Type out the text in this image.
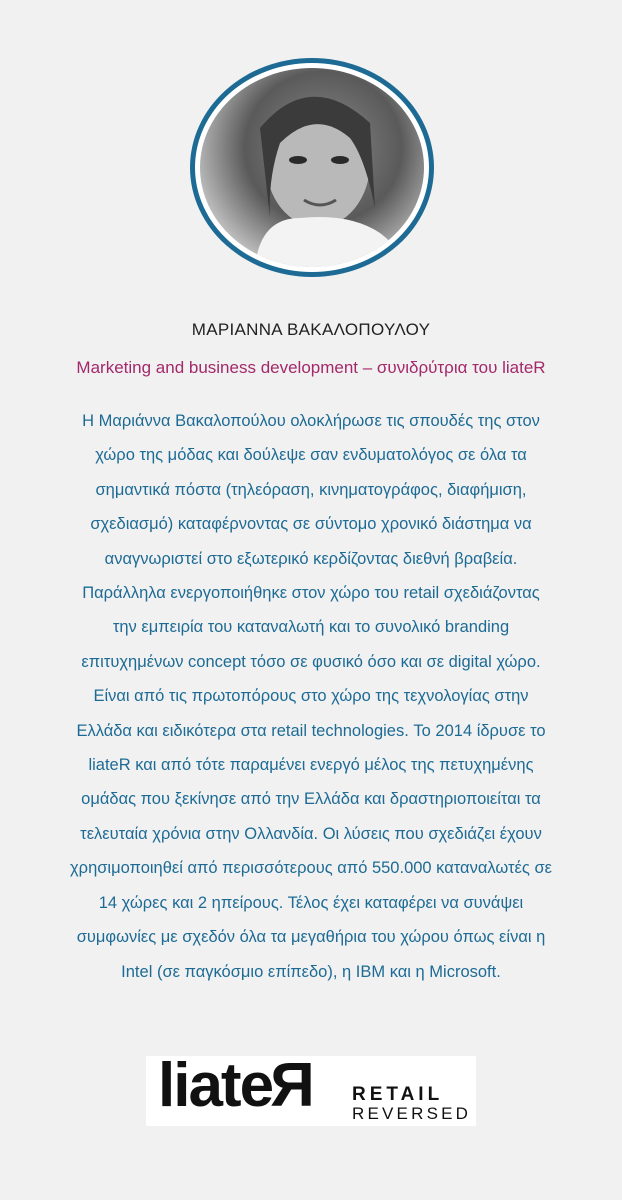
ΜΑΡΙΑΝΝΑ ΒΑΚΑΛΟΠΟΥΛΟΥ
Marketing and business development – συνιδρύτρια του liateR
Η Μαριάννα Βακαλοπούλου ολοκλήρωσε τις σπουδές της στον
χώρο της μόδας και δούλεψε σαν ενδυματολόγος σε όλα τα
σημαντικά πόστα (τηλεόραση, κινηματογράφος, διαφήμιση,
σχεδιασμό) καταφέρνοντας σε σύντομο χρονικό διάστημα να
αναγνωριστεί στο εξωτερικό κερδίζοντας διεθνή βραβεία.
Παράλληλα ενεργοποιήθηκε στον χώρο του retail σχεδιάζοντας
την εμπειρία του καταναλωτή και το συνολικό branding
επιτυχημένων concept τόσο σε φυσικό όσο και σε digital χώρο.
Είναι από τις πρωτοπόρους στο χώρο της τεχνολογίας στην
Ελλάδα και ειδικότερα στα retail technologies. Το 2014 ίδρυσε το
liateR και από τότε παραμένει ενεργό μέλος της πετυχημένης
ομάδας που ξεκίνησε από την Ελλάδα και δραστηριοποιείται τα
τελευταία χρόνια στην Ολλανδία. Οι λύσεις που σχεδιάζει έχουν
χρησιμοποιηθεί από περισσότερους από 550.000 καταναλωτές σε
14 χώρες και 2 ηπείρους. Τέλος έχει καταφέρει να συνάψει
συμφωνίες με σχεδόν όλα τα μεγαθήρια του χώρου όπως είναι η
Intel (σε παγκόσμιο επίπεδο), η IBM και η Microsoft.
liateR RETAIL
REVERSED
